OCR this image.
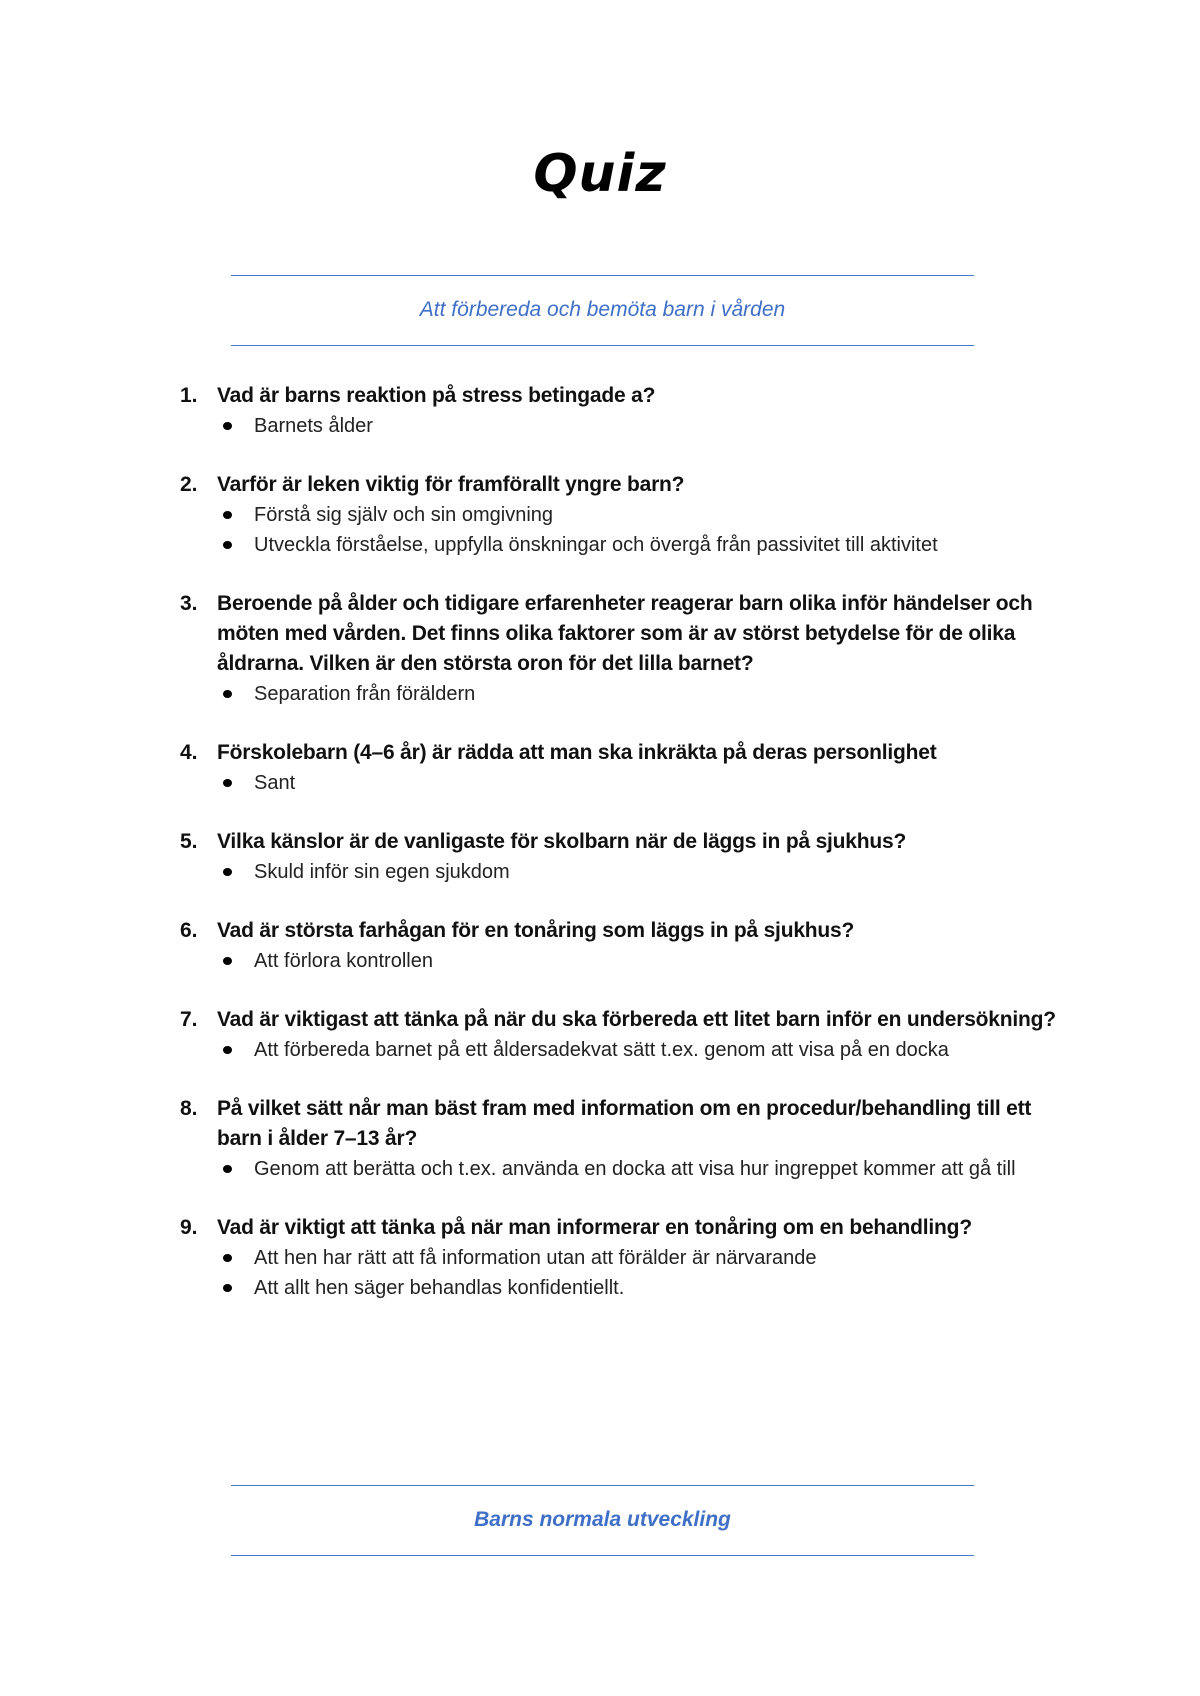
Quiz
Att förbereda och bemöta barn i vården
1. Vad är barns reaktion på stress betingade a?
Barnets ålder
2. Varför är leken viktig för framförallt yngre barn?
Förstå sig själv och sin omgivning
Utveckla förståelse, uppfylla önskningar och övergå från passivitet till aktivitet
3. Beroende på ålder och tidigare erfarenheter reagerar barn olika inför händelser och möten med vården. Det finns olika faktorer som är av störst betydelse för de olika åldrarna. Vilken är den största oron för det lilla barnet?
Separation från föräldern
4. Förskolebarn (4–6 år) är rädda att man ska inkräkta på deras personlighet
Sant
5. Vilka känslor är de vanligaste för skolbarn när de läggs in på sjukhus?
Skuld inför sin egen sjukdom
6. Vad är största farhågan för en tonåring som läggs in på sjukhus?
Att förlora kontrollen
7. Vad är viktigast att tänka på när du ska förbereda ett litet barn inför en undersökning?
Att förbereda barnet på ett åldersadekvat sätt t.ex. genom att visa på en docka
8. På vilket sätt når man bäst fram med information om en procedur/behandling till ett barn i ålder 7–13 år?
Genom att berätta och t.ex. använda en docka att visa hur ingreppet kommer att gå till
9. Vad är viktigt att tänka på när man informerar en tonåring om en behandling?
Att hen har rätt att få information utan att förälder är närvarande
Att allt hen säger behandlas konfidentiellt.
Barns normala utveckling
